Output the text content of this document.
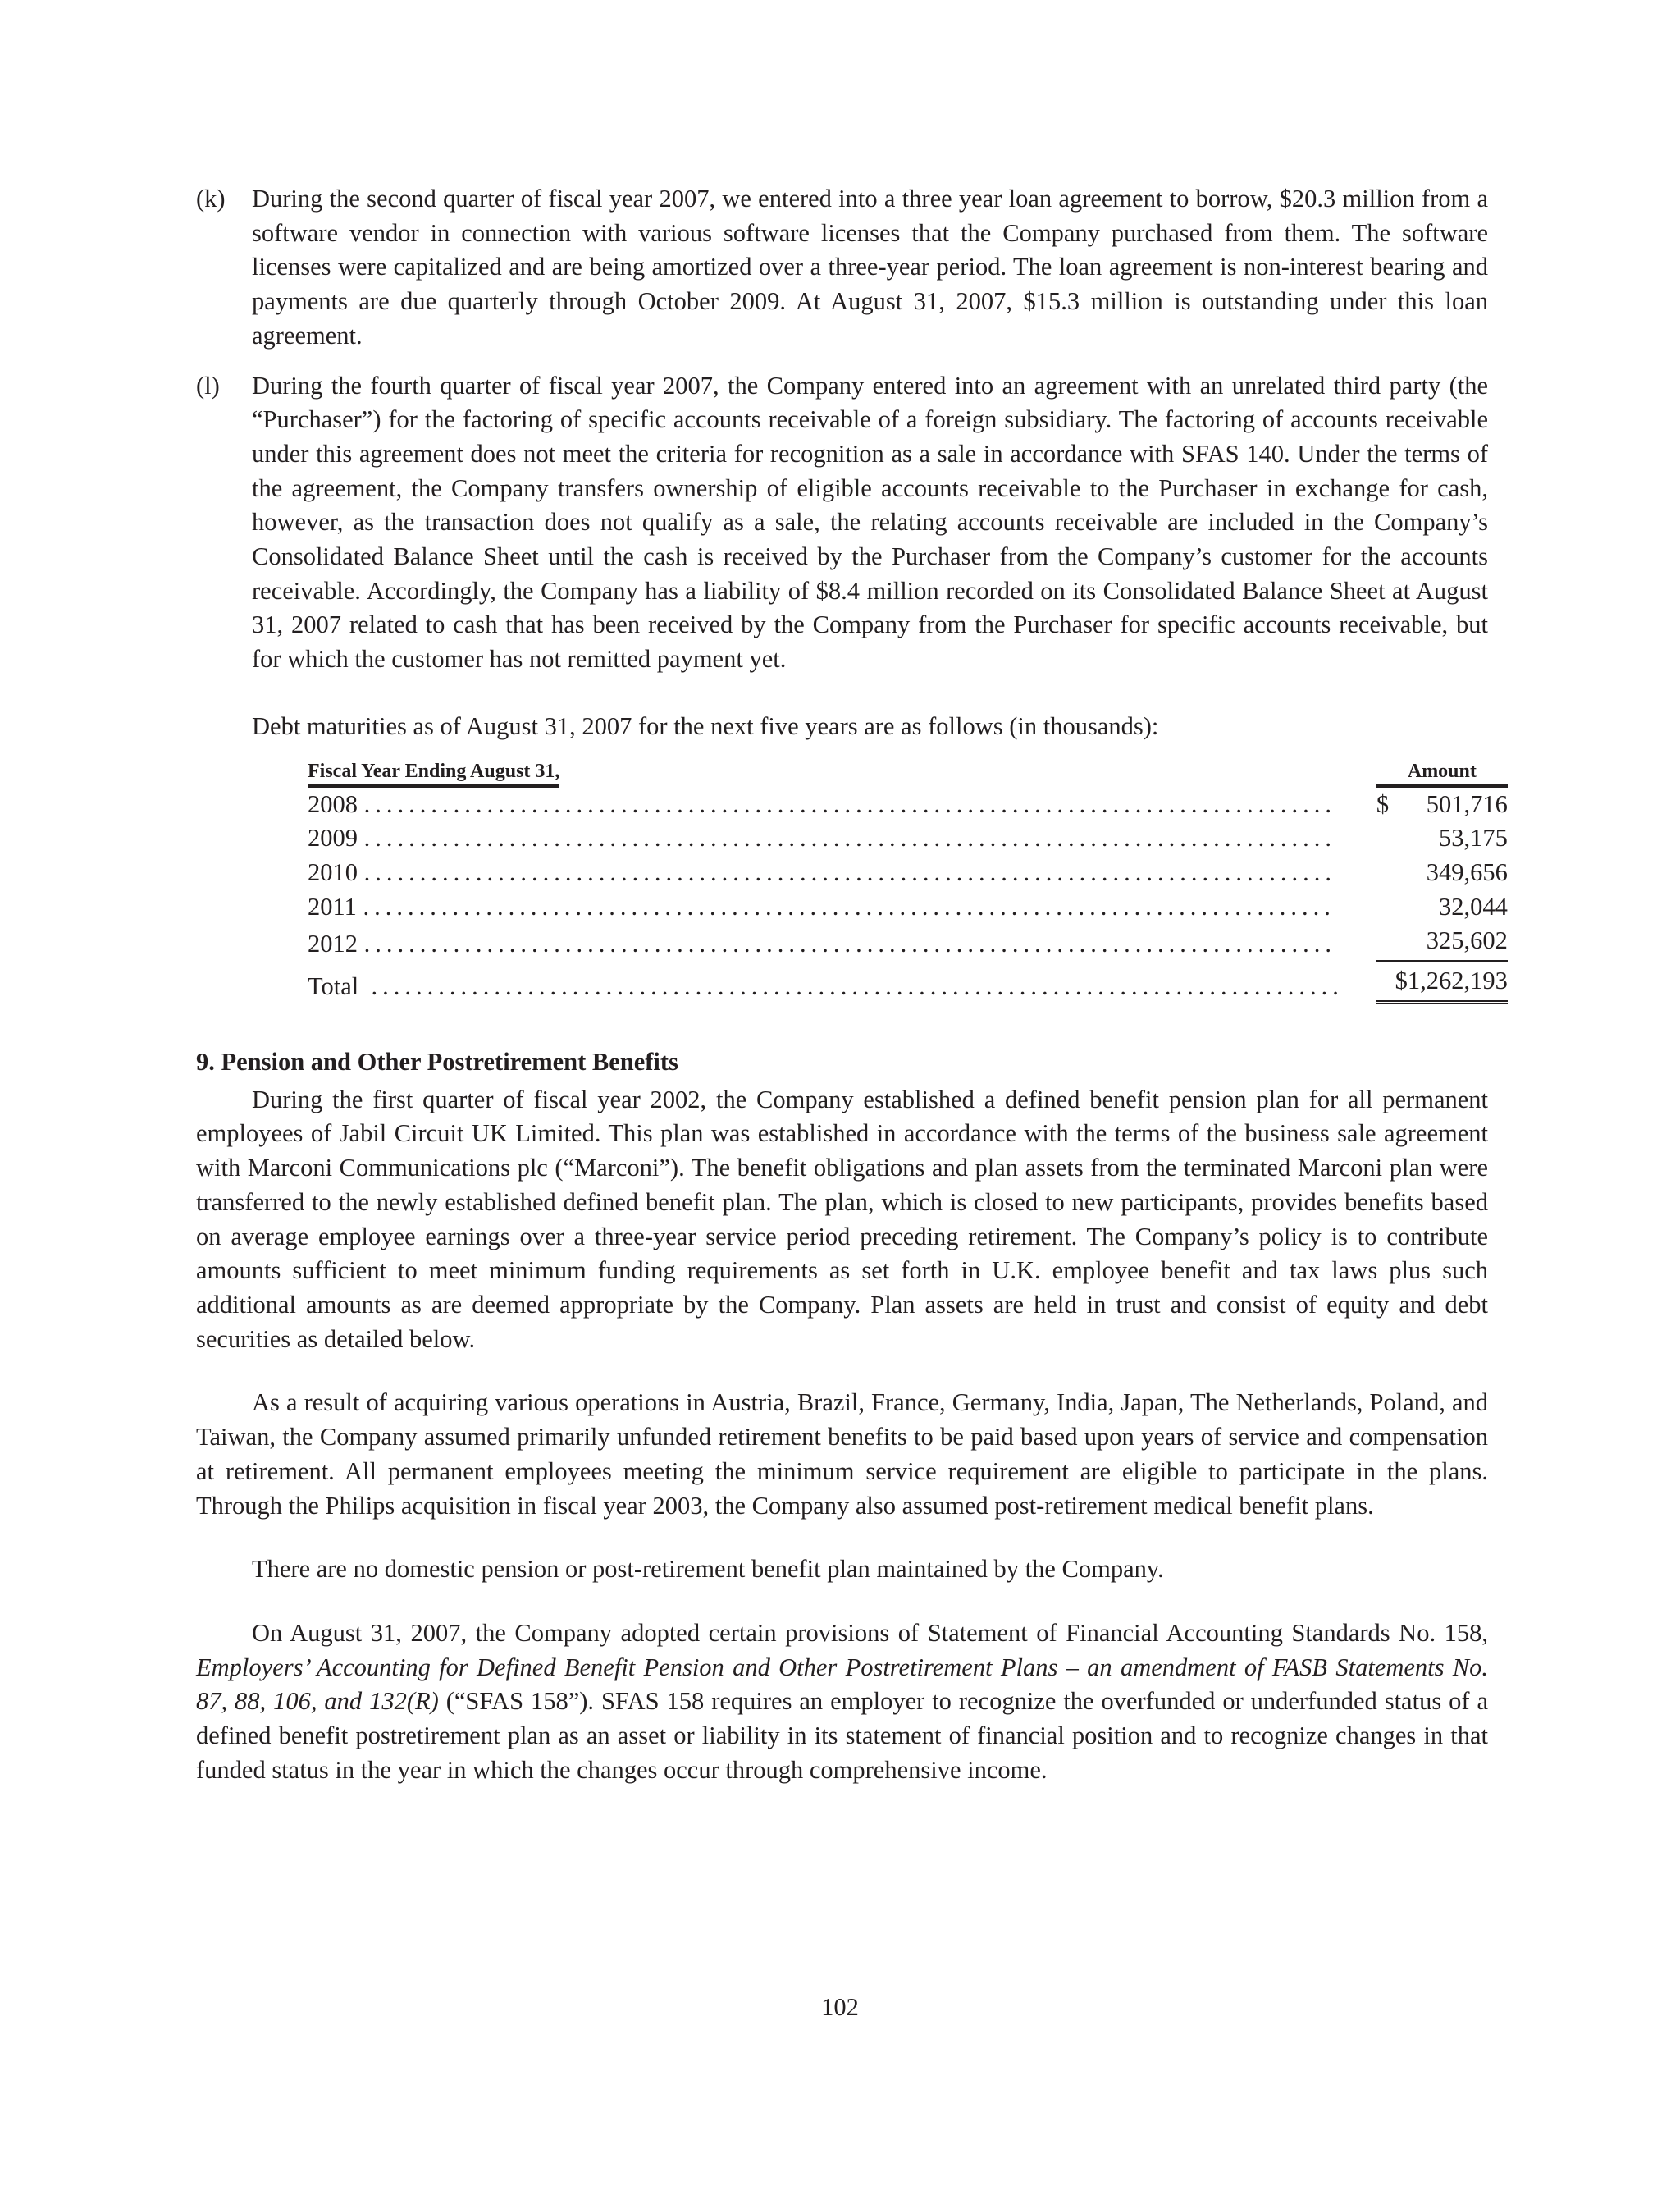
(k)	During the second quarter of fiscal year 2007, we entered into a three year loan agreement to borrow, $20.3 million from a software vendor in connection with various software licenses that the Company purchased from them. The software licenses were capitalized and are being amortized over a three-year period. The loan agreement is non-interest bearing and payments are due quarterly through October 2009. At August 31, 2007, $15.3 million is outstanding under this loan agreement.

(l)	During the fourth quarter of fiscal year 2007, the Company entered into an agreement with an unrelated third party (the “Purchaser”) for the factoring of specific accounts receivable of a foreign subsidiary. The factoring of accounts receivable under this agreement does not meet the criteria for recognition as a sale in accordance with SFAS 140. Under the terms of the agreement, the Company transfers ownership of eligible accounts receivable to the Purchaser in exchange for cash, however, as the transaction does not qualify as a sale, the relating accounts receivable are included in the Company’s Consolidated Balance Sheet until the cash is received by the Purchaser from the Company’s customer for the accounts receivable. Accordingly, the Company has a liability of $8.4 million recorded on its Consolidated Balance Sheet at August 31, 2007 related to cash that has been received by the Company from the Purchaser for specific accounts receivable, but for which the customer has not remitted payment yet.

Debt maturities as of August 31, 2007 for the next five years are as follows (in thousands):

Fiscal Year Ending August 31,	Amount
2008 .......................................................................................	$ 501,716

2009 .......................................................................................	53,175
2010 .......................................................................................	349,656
2011 .......................................................................................	32,044
2012 .......................................................................................	325,602
Total .......................................................................................	$1,262,193
9. Pension and Other Postretirement Benefits

During the first quarter of fiscal year 2002, the Company established a defined benefit pension plan for all permanent employees of Jabil Circuit UK Limited. This plan was established in accordance with the terms of the business sale agreement with Marconi Communications plc (“Marconi”). The benefit obligations and plan assets from the terminated Marconi plan were transferred to the newly established defined benefit plan. The plan, which is closed to new participants, provides benefits based on average employee earnings over a three-year service period preceding retirement. The Company’s policy is to contribute amounts sufficient to meet minimum funding requirements as set forth in U.K. employee benefit and tax laws plus such additional amounts as are deemed appropriate by the Company. Plan assets are held in trust and consist of equity and debt securities as detailed below.

As a result of acquiring various operations in Austria, Brazil, France, Germany, India, Japan, The Netherlands, Poland, and Taiwan, the Company assumed primarily unfunded retirement benefits to be paid based upon years of service and compensation at retirement. All permanent employees meeting the minimum service requirement are eligible to participate in the plans. Through the Philips acquisition in fiscal year 2003, the Company also assumed post-retirement medical benefit plans.

There are no domestic pension or post-retirement benefit plan maintained by the Company.

On August 31, 2007, the Company adopted certain provisions of Statement of Financial Accounting Standards No. 158, Employers’ Accounting for Defined Benefit Pension and Other Postretirement Plans – an amendment of FASB Statements No. 87, 88, 106, and 132(R) (“SFAS 158”). SFAS 158 requires an employer to recognize the overfunded or underfunded status of a defined benefit postretirement plan as an asset or liability in its statement of financial position and to recognize changes in that funded status in the year in which the changes occur through comprehensive income.

102
